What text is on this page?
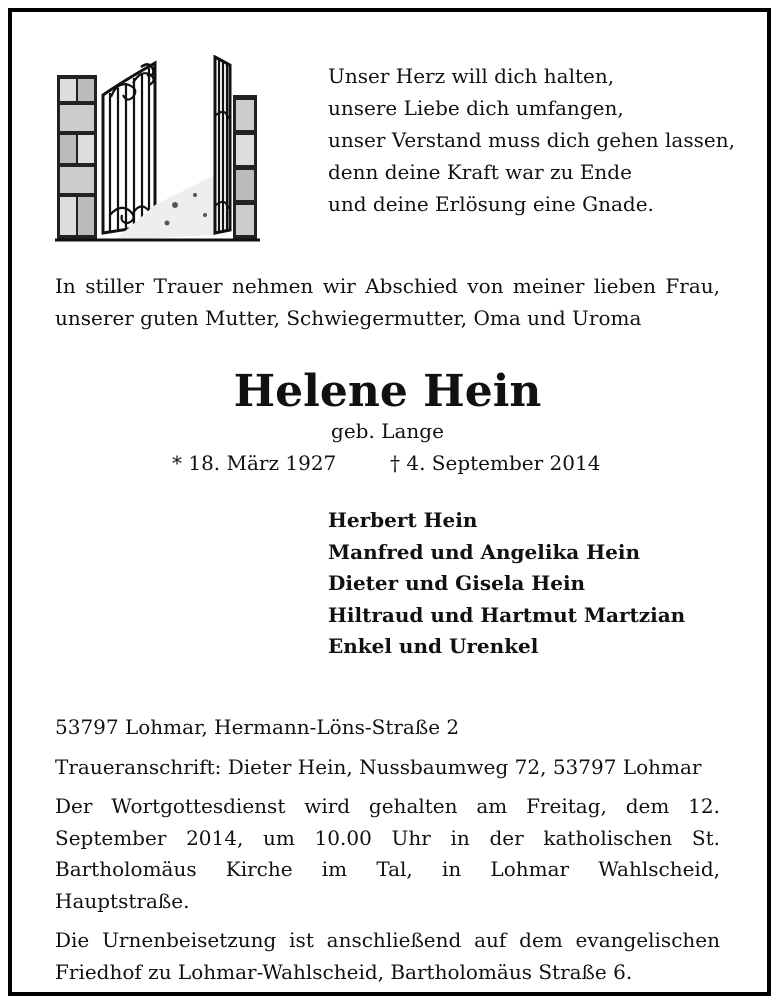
Unser Herz will dich halten,
unsere Liebe dich umfangen,
unser Verstand muss dich gehen lassen,
denn deine Kraft war zu Ende
und deine Erlösung eine Gnade.
In stiller Trauer nehmen wir Abschied von meiner lieben Frau,
unserer guten Mutter, Schwiegermutter, Oma und Uroma
Helene Hein
geb. Lange
* 18. März 1927	† 4. September 2014
Herbert Hein
Manfred und Angelika Hein
Dieter und Gisela Hein
Hiltraud und Hartmut Martzian
Enkel und Urenkel

53797 Lohmar, Hermann-Löns-Straße 2

Traueranschrift: Dieter Hein, Nussbaumweg 72, 53797 Lohmar

Der Wortgottesdienst wird gehalten am Freitag, dem 12. September 2014, um 10.00 Uhr in der katholischen St. Bartholomäus Kirche im Tal, in Lohmar Wahlscheid, Hauptstraße.

Die Urnenbeisetzung ist anschließend auf dem evangelischen Friedhof zu Lohmar-Wahlscheid, Bartholomäus Straße 6.
